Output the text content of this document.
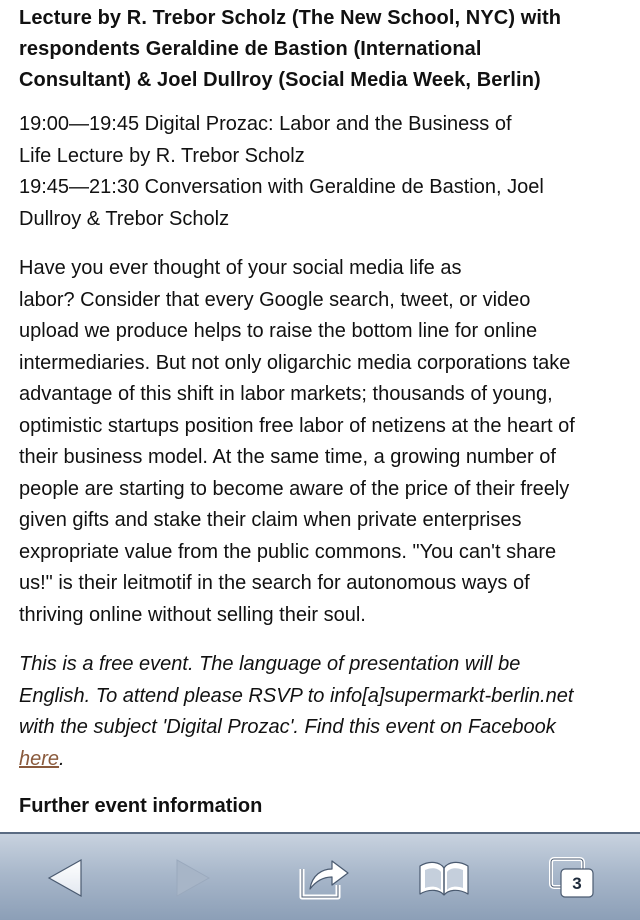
Lecture by R. Trebor Scholz (The New School, NYC) with
respondents Geraldine de Bastion (International
Consultant) & Joel Dullroy (Social Media Week, Berlin)
19:00—19:45 Digital Prozac: Labor and the Business of
Life Lecture by R. Trebor Scholz
19:45—21:30 Conversation with Geraldine de Bastion, Joel
Dullroy & Trebor Scholz
Have you ever thought of your social media life as
labor? Consider that every Google search, tweet, or video
upload we produce helps to raise the bottom line for online
intermediaries. But not only oligarchic media corporations take
advantage of this shift in labor markets; thousands of young,
optimistic startups position free labor of netizens at the heart of
their business model. At the same time, a growing number of
people are starting to become aware of the price of their freely
given gifts and stake their claim when private enterprises
expropriate value from the public commons. "You can't share
us!" is their leitmotif in the search for autonomous ways of
thriving online without selling their soul.
This is a free event. The language of presentation will be
English. To attend please RSVP to info[a]supermarkt-berlin.net
with the subject 'Digital Prozac'. Find this event on Facebook
here.
Further event information
3
